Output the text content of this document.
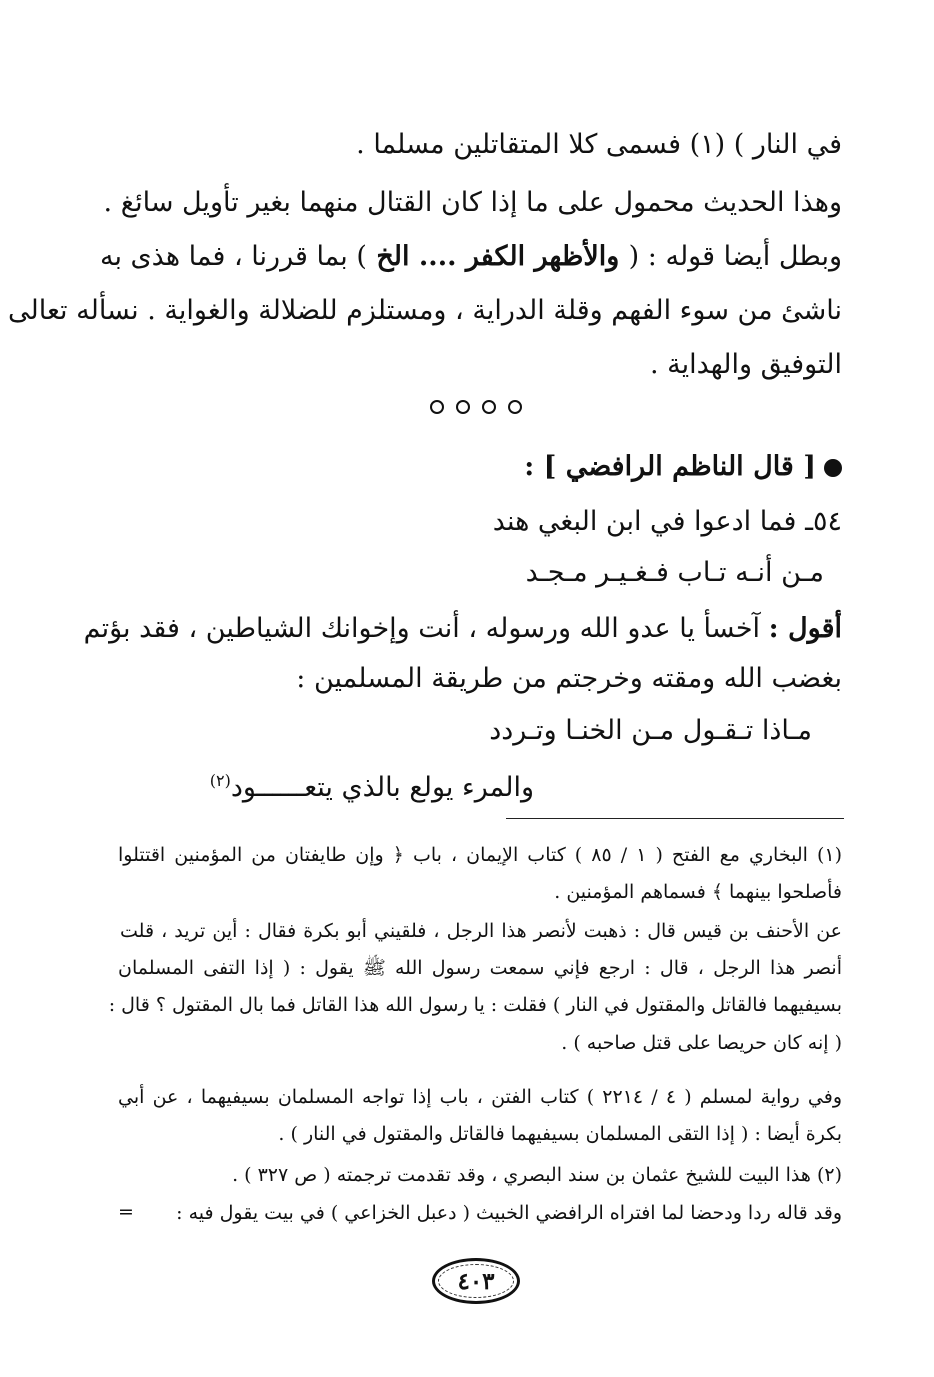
في النار ) (١) فسمى كلا المتقاتلين مسلما .
وهذا الحديث محمول على ما إذا كان القتال منهما بغير تأويل سائغ .
وبطل أيضا قوله : ( والأظهر الكفر .... الخ ) بما قررنا ، فما هذى به
ناشئ من سوء الفهم وقلة الدراية ، ومستلزم للضلالة والغواية . نسأله تعالى
التوفيق والهداية .
[ قال الناظم الرافضي ] :
٥٤ـ فما ادعوا في ابن البغي هند
مـن أنـه تـاب فـغـيـر مـجـد
أقول : آخسأ يا عدو الله ورسوله ، أنت وإخوانك الشياطين ، فقد بؤتم
بغضب الله ومقته وخرجتم من طريقة المسلمين :
مـاذا تـقـول مـن الخنـا وتـردد
والمرء يولع بالذي يتعــــــود$^{(٢)}$
(١) البخاري مع الفتح ( ١ / ٨٥ ) كتاب الإيمان ، باب ﴿ وإن طايفتان من المؤمنين اقتتلوا
فأصلحوا بينهما ﴾ فسماهم المؤمنين .
عن الأحنف بن قيس قال : ذهبت لأنصر هذا الرجل ، فلقيني أبو بكرة فقال : أين تريد ، قلت
أنصر هذا الرجل ، قال : ارجع فإني سمعت رسول الله ﷺ يقول : ( إذا التفى المسلمان
بسيفيهما فالقاتل والمقتول في النار ) فقلت : يا رسول الله هذا القاتل فما بال المقتول ؟ قال :
( إنه كان حريصا على قتل صاحبه ) .
وفي رواية لمسلم ( ٤ / ٢٢١٤ ) كتاب الفتن ، باب إذا تواجه المسلمان بسيفيهما ، عن أبي
بكرة أيضا : ( إذا التقى المسلمان بسيفيهما فالقاتل والمقتول في النار ) .
(٢) هذا البيت للشيخ عثمان بن سند البصري ، وقد تقدمت ترجمته ( ص ٣٢٧ ) .
وقد قاله ردا ودحضا لما افتراه الرافضي الخبيث ( دعبل الخزاعي ) في بيت يقول فيه :
=
٤٠٣
